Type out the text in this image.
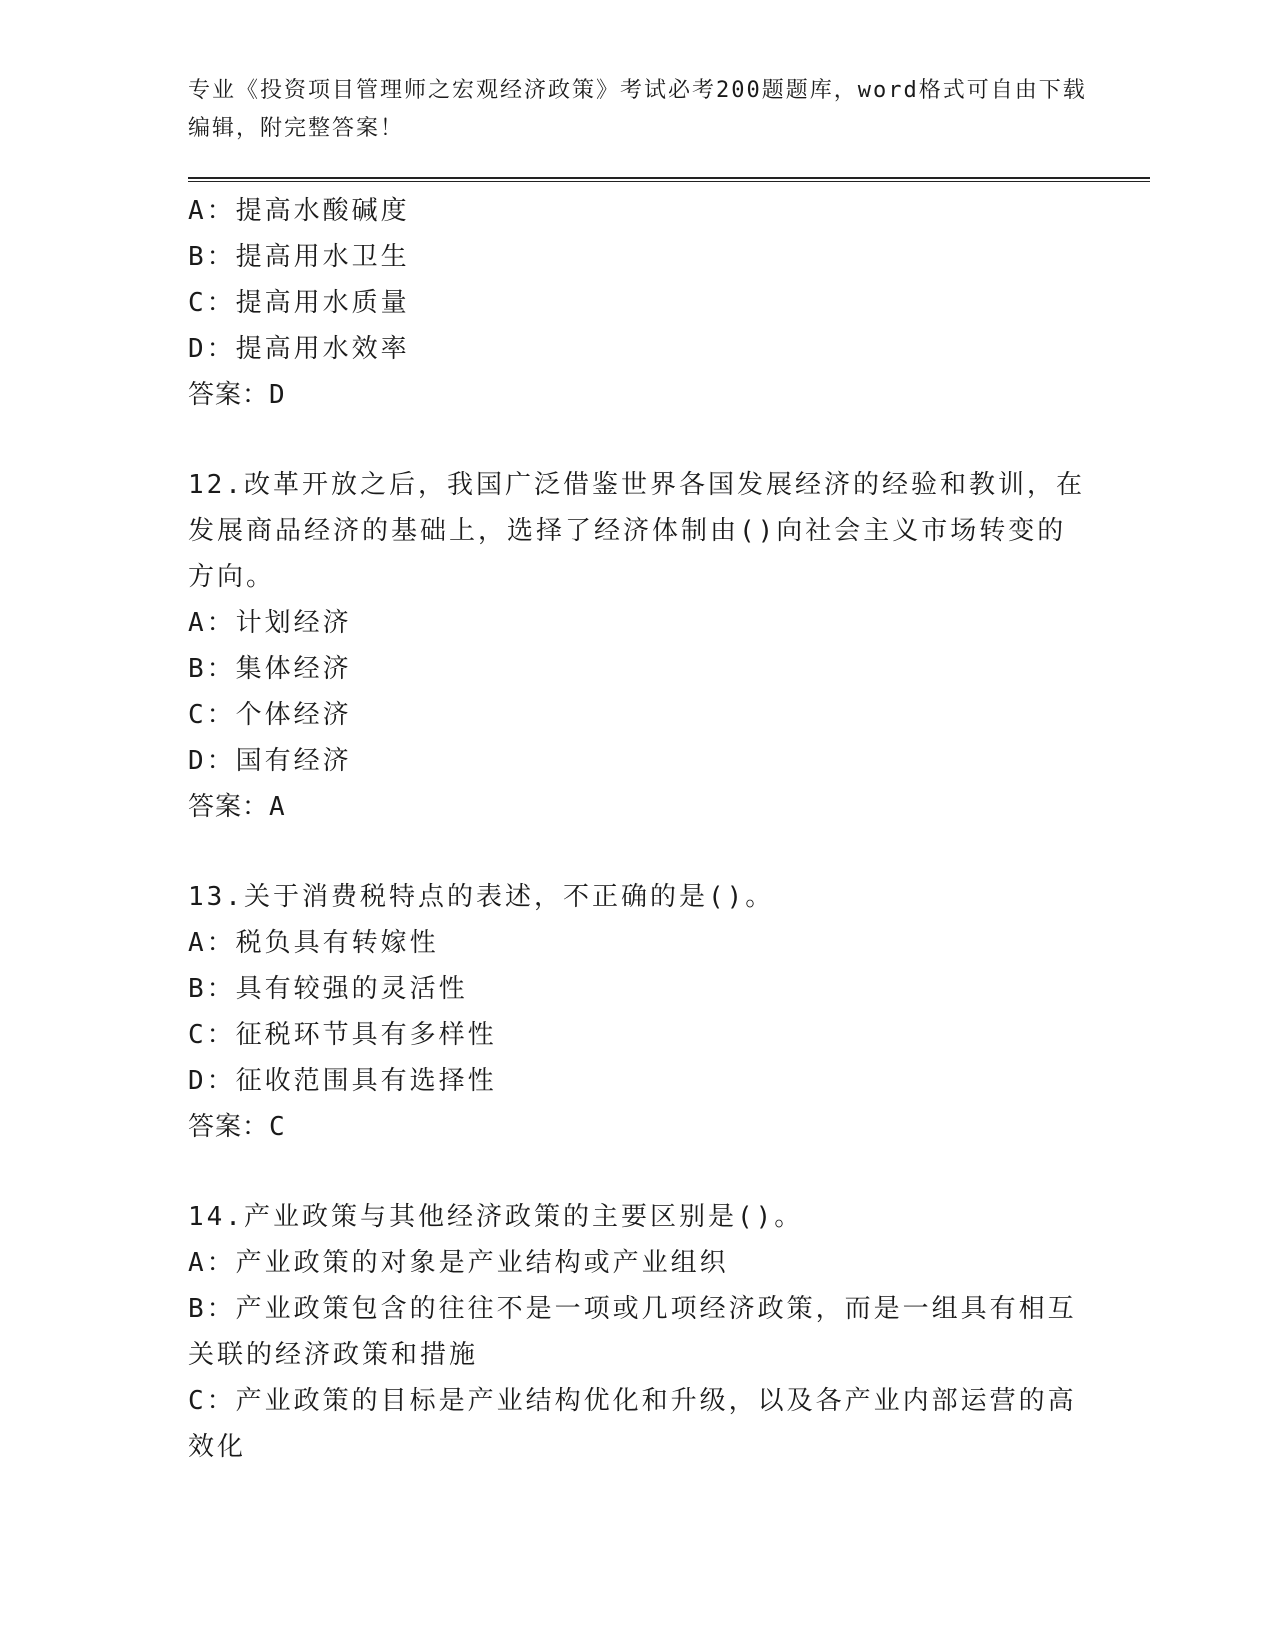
专业《投资项目管理师之宏观经济政策》考试必考200题题库，word格式可自由下载编辑，附完整答案！
A：提高水酸碱度
B：提高用水卫生
C：提高用水质量
D：提高用水效率
答案：D
12.改革开放之后，我国广泛借鉴世界各国发展经济的经验和教训，在发展商品经济的基础上，选择了经济体制由()向社会主义市场转变的方向。
A：计划经济
B：集体经济
C：个体经济
D：国有经济
答案：A
13.关于消费税特点的表述，不正确的是()。
A：税负具有转嫁性
B：具有较强的灵活性
C：征税环节具有多样性
D：征收范围具有选择性
答案：C
14.产业政策与其他经济政策的主要区别是()。
A：产业政策的对象是产业结构或产业组织
B：产业政策包含的往往不是一项或几项经济政策，而是一组具有相互关联的经济政策和措施
C：产业政策的目标是产业结构优化和升级，以及各产业内部运营的高效化
